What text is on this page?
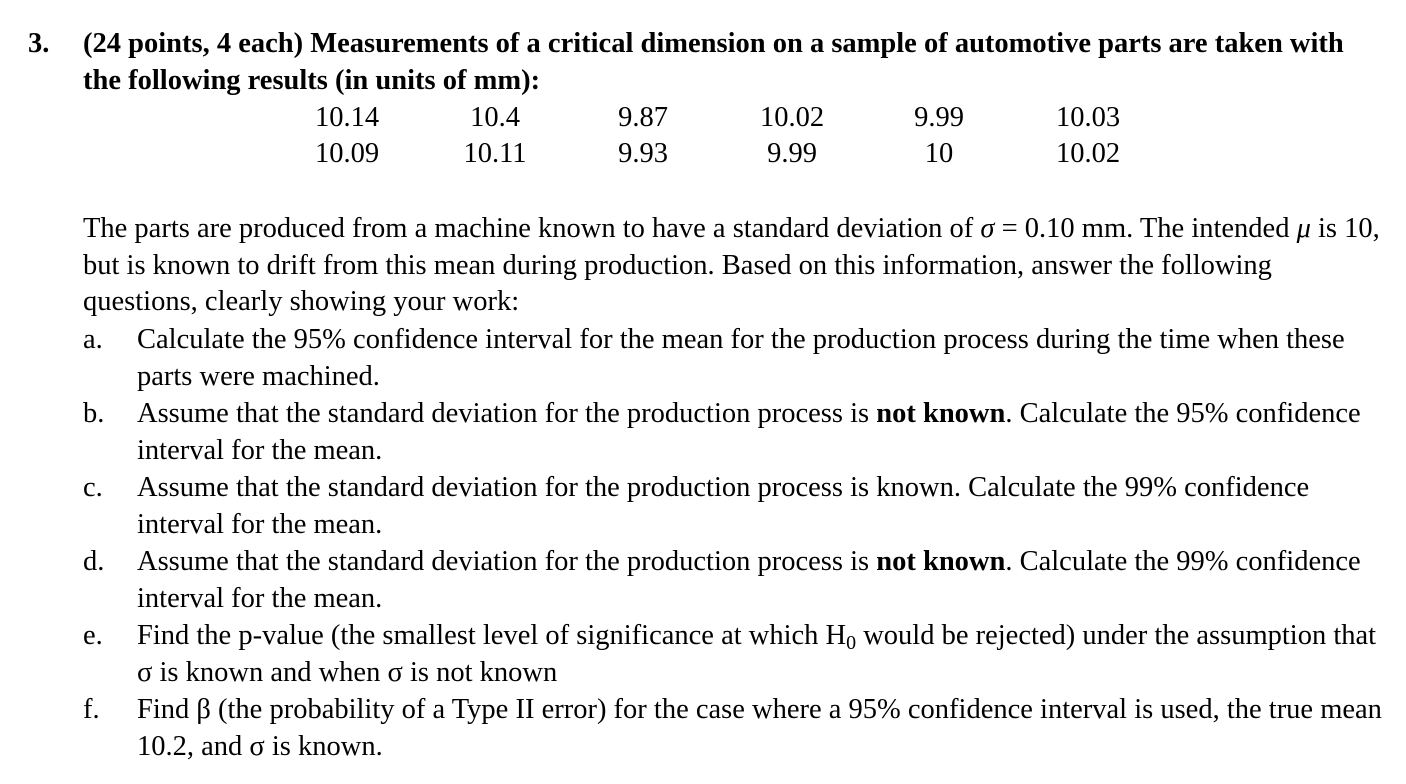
3. (24 points, 4 each) Measurements of a critical dimension on a sample of automotive parts are taken with the following results (in units of mm):
10.14	10.4	9.87	10.02	9.99	10.03
10.09	10.11	9.93	9.99	10	10.02
The parts are produced from a machine known to have a standard deviation of σ = 0.10 mm. The intended μ is 10, but is known to drift from this mean during production. Based on this information, answer the following questions, clearly showing your work:
a. Calculate the 95% confidence interval for the mean for the production process during the time when these parts were machined.
b. Assume that the standard deviation for the production process is not known. Calculate the 95% confidence interval for the mean.
c. Assume that the standard deviation for the production process is known. Calculate the 99% confidence interval for the mean.
d. Assume that the standard deviation for the production process is not known. Calculate the 99% confidence interval for the mean.
e. Find the p-value (the smallest level of significance at which H0 would be rejected) under the assumption that σ is known and when σ is not known
f. Find β (the probability of a Type II error) for the case where a 95% confidence interval is used, the true mean 10.2, and σ is known.
